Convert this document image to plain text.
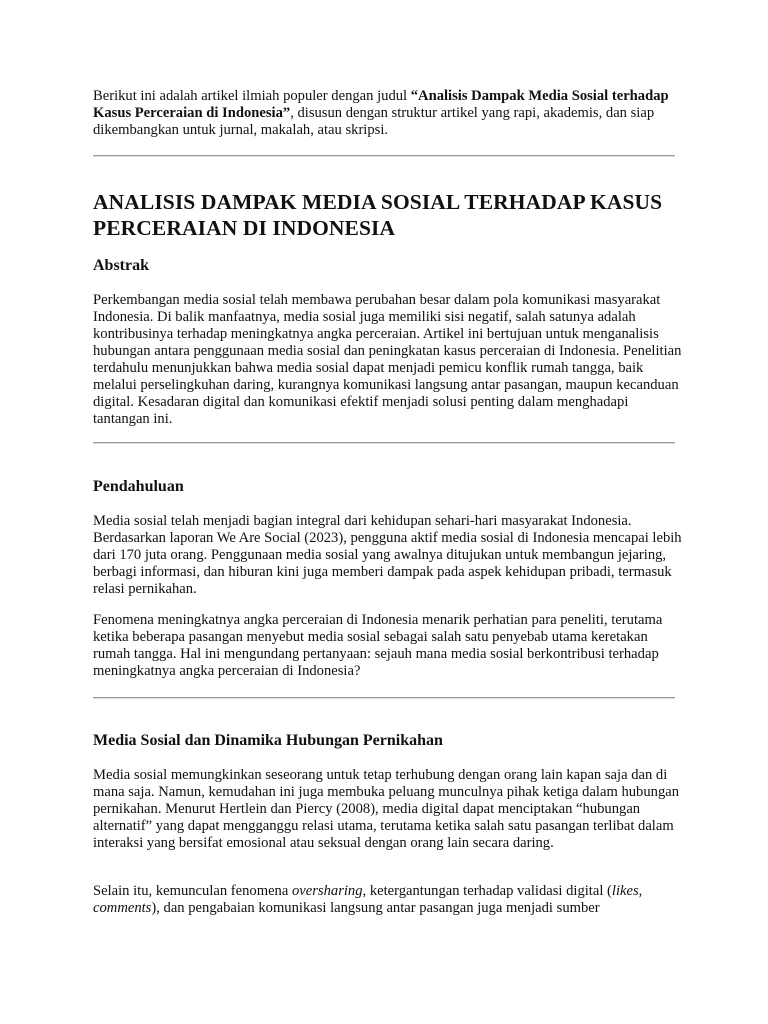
Berikut ini adalah artikel ilmiah populer dengan judul “Analisis Dampak Media Sosial terhadap Kasus Perceraian di Indonesia”, disusun dengan struktur artikel yang rapi, akademis, dan siap dikembangkan untuk jurnal, makalah, atau skripsi.

ANALISIS DAMPAK MEDIA SOSIAL TERHADAP KASUS PERCERAIAN DI INDONESIA
Abstrak

Perkembangan media sosial telah membawa perubahan besar dalam pola komunikasi masyarakat Indonesia. Di balik manfaatnya, media sosial juga memiliki sisi negatif, salah satunya adalah kontribusinya terhadap meningkatnya angka perceraian. Artikel ini bertujuan untuk menganalisis hubungan antara penggunaan media sosial dan peningkatan kasus perceraian di Indonesia. Penelitian terdahulu menunjukkan bahwa media sosial dapat menjadi pemicu konflik rumah tangga, baik melalui perselingkuhan daring, kurangnya komunikasi langsung antar pasangan, maupun kecanduan digital. Kesadaran digital dan komunikasi efektif menjadi solusi penting dalam menghadapi tantangan ini.

Pendahuluan

Media sosial telah menjadi bagian integral dari kehidupan sehari-hari masyarakat Indonesia. Berdasarkan laporan We Are Social (2023), pengguna aktif media sosial di Indonesia mencapai lebih dari 170 juta orang. Penggunaan media sosial yang awalnya ditujukan untuk membangun jejaring, berbagi informasi, dan hiburan kini juga memberi dampak pada aspek kehidupan pribadi, termasuk relasi pernikahan.

Fenomena meningkatnya angka perceraian di Indonesia menarik perhatian para peneliti, terutama ketika beberapa pasangan menyebut media sosial sebagai salah satu penyebab utama keretakan rumah tangga. Hal ini mengundang pertanyaan: sejauh mana media sosial berkontribusi terhadap meningkatnya angka perceraian di Indonesia?

Media Sosial dan Dinamika Hubungan Pernikahan

Media sosial memungkinkan seseorang untuk tetap terhubung dengan orang lain kapan saja dan di mana saja. Namun, kemudahan ini juga membuka peluang munculnya pihak ketiga dalam hubungan pernikahan. Menurut Hertlein dan Piercy (2008), media digital dapat menciptakan “hubungan alternatif” yang dapat mengganggu relasi utama, terutama ketika salah satu pasangan terlibat dalam interaksi yang bersifat emosional atau seksual dengan orang lain secara daring.

Selain itu, kemunculan fenomena oversharing, ketergantungan terhadap validasi digital (likes, comments), dan pengabaian komunikasi langsung antar pasangan juga menjadi sumber
